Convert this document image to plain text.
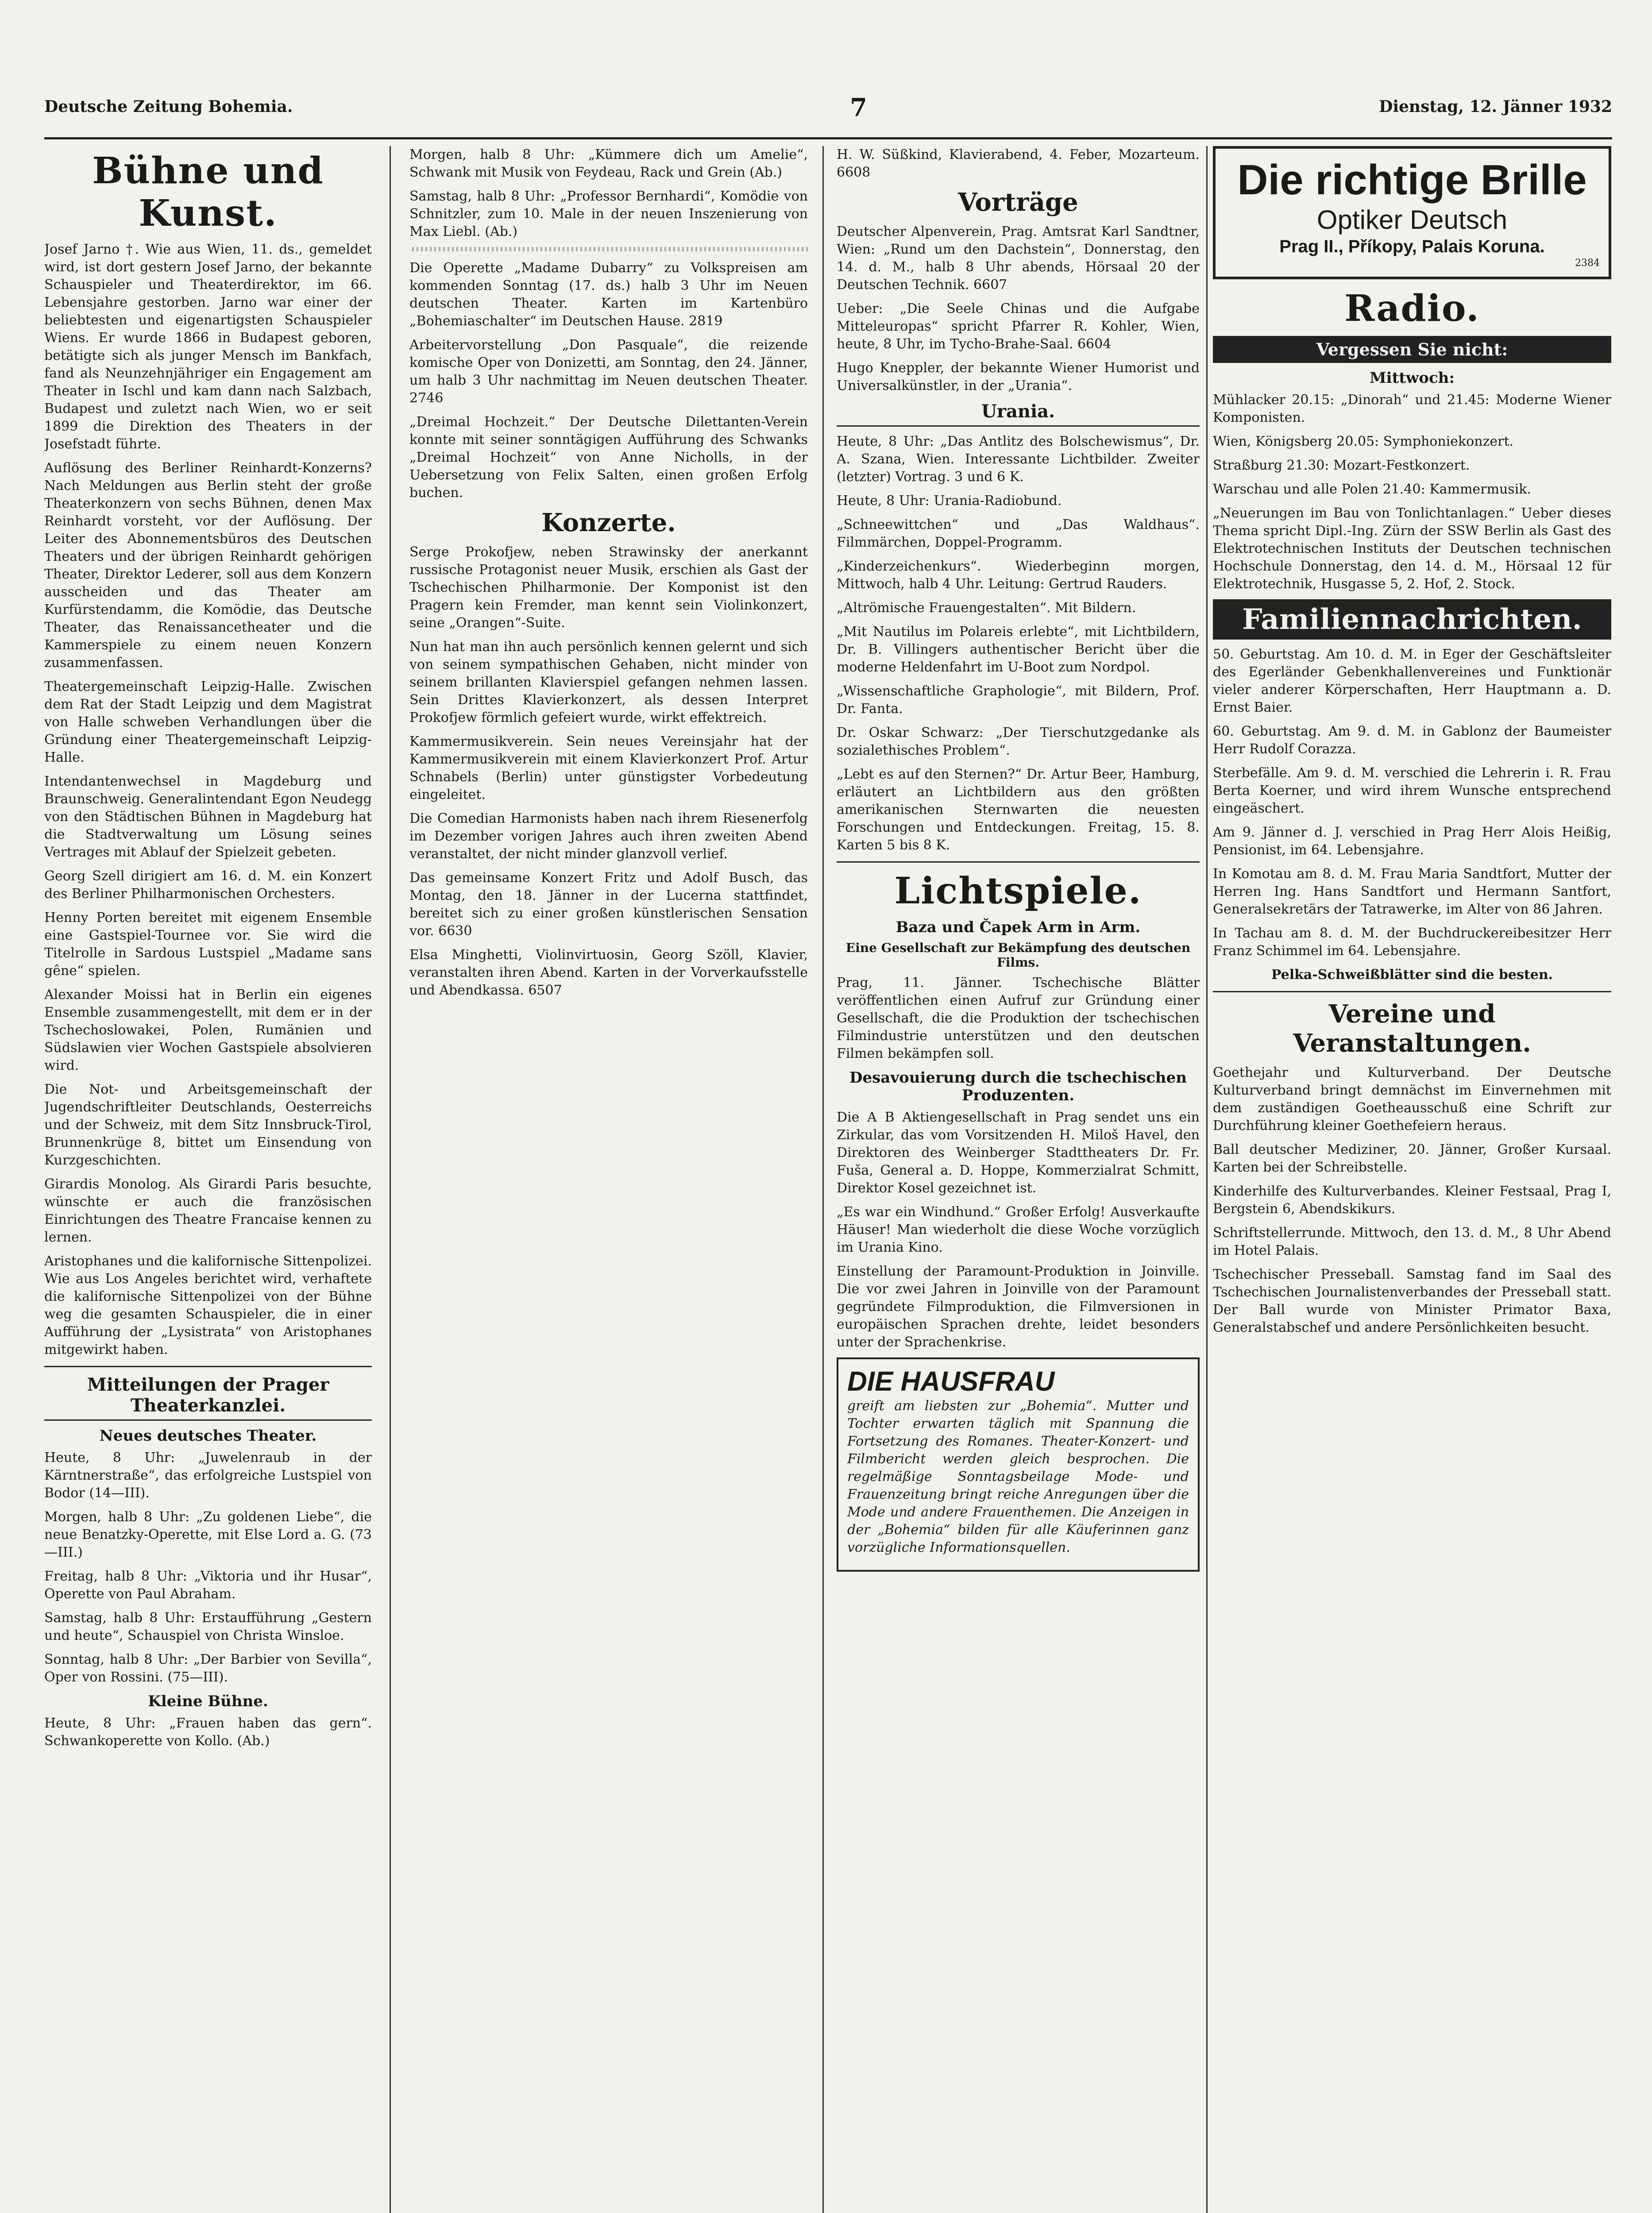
Deutsche Zeitung Bohemia.	7	Dienstag, 12. Jänner 1932
Bühne und Kunst.

Josef Jarno †. Wie aus Wien, 11. ds., gemeldet wird, ist dort gestern Josef Jarno, der bekannte Schauspieler und Theaterdirektor, im 66. Lebensjahre gestorben. Jarno war einer der beliebtesten und eigenartigsten Schauspieler Wiens. Er wurde 1866 in Budapest geboren, betätigte sich als junger Mensch im Bankfach, fand als Neunzehnjähriger ein Engagement am Theater in Ischl und kam dann nach Salzbach, Budapest und zuletzt nach Wien, wo er seit 1899 die Direktion des Theaters in der Josefstadt führte.

Auflösung des Berliner Reinhardt-Konzerns? Nach Meldungen aus Berlin steht der große Theaterkonzern von sechs Bühnen, denen Max Reinhardt vorsteht, vor der Auflösung. Der Leiter des Abonnementsbüros des Deutschen Theaters und der übrigen Reinhardt gehörigen Theater, Direktor Lederer, soll aus dem Konzern ausscheiden und das Theater am Kurfürstendamm, die Komödie, das Deutsche Theater, das Renaissancetheater und die Kammerspiele zu einem neuen Konzern zusammenfassen.

Theatergemeinschaft Leipzig-Halle. Zwischen dem Rat der Stadt Leipzig und dem Magistrat von Halle schweben Verhandlungen über die Gründung einer Theatergemeinschaft Leipzig-Halle.

Intendantenwechsel in Magdeburg und Braunschweig. Generalintendant Egon Neudegg von den Städtischen Bühnen in Magdeburg hat die Stadtverwaltung um Lösung seines Vertrages mit Ablauf der Spielzeit gebeten.

Georg Szell dirigiert am 16. d. M. ein Konzert des Berliner Philharmonischen Orchesters.

Henny Porten bereitet mit eigenem Ensemble eine Gastspiel-Tournee vor. Sie wird die Titelrolle in Sardous Lustspiel „Madame sans gêne“ spielen.

Alexander Moissi hat in Berlin ein eigenes Ensemble zusammengestellt, mit dem er in der Tschechoslowakei, Polen, Rumänien und Südslawien vier Wochen Gastspiele absolvieren wird.

Die Not- und Arbeitsgemeinschaft der Jugendschriftleiter Deutschlands, Oesterreichs und der Schweiz, mit dem Sitz Innsbruck-Tirol, Brunnenkrüge 8, bittet um Einsendung von Kurzgeschichten.

Girardis Monolog. Als Girardi Paris besuchte, wünschte er auch die französischen Einrichtungen des Theatre Francaise kennen zu lernen.

Aristophanes und die kalifornische Sittenpolizei. Wie aus Los Angeles berichtet wird, verhaftete die kalifornische Sittenpolizei von der Bühne weg die gesamten Schauspieler, die in einer Aufführung der „Lysistrata“ von Aristophanes mitgewirkt haben.

Mitteilungen der Prager Theaterkanzlei.
Neues deutsches Theater.

Heute, 8 Uhr: „Juwelenraub in der Kärntnerstraße“, das erfolgreiche Lustspiel von Bodor (14—III).

Morgen, halb 8 Uhr: „Zu goldenen Liebe“, die neue Benatzky-Operette, mit Else Lord a. G. (73—III.)

Freitag, halb 8 Uhr: „Viktoria und ihr Husar“, Operette von Paul Abraham.

Samstag, halb 8 Uhr: Erstaufführung „Gestern und heute“, Schauspiel von Christa Winsloe.

Sonntag, halb 8 Uhr: „Der Barbier von Sevilla“, Oper von Rossini. (75—III).

Kleine Bühne.

Heute, 8 Uhr: „Frauen haben das gern“. Schwankoperette von Kollo. (Ab.)

Morgen, halb 8 Uhr: „Kümmere dich um Amelie“, Schwank mit Musik von Feydeau, Rack und Grein (Ab.)

Samstag, halb 8 Uhr: „Professor Bernhardi“, Komödie von Schnitzler, zum 10. Male in der neuen Inszenierung von Max Liebl. (Ab.)

Die Operette „Madame Dubarry“ zu Volkspreisen am kommenden Sonntag (17. ds.) halb 3 Uhr im Neuen deutschen Theater. Karten im Kartenbüro „Bohemiaschalter“ im Deutschen Hause. 2819

Arbeitervorstellung „Don Pasquale“, die reizende komische Oper von Donizetti, am Sonntag, den 24. Jänner, um halb 3 Uhr nachmittag im Neuen deutschen Theater. 2746

„Dreimal Hochzeit.“ Der Deutsche Dilettanten-Verein konnte mit seiner sonntägigen Aufführung des Schwanks „Dreimal Hochzeit“ von Anne Nicholls, in der Uebersetzung von Felix Salten, einen großen Erfolg buchen.

Konzerte.

Serge Prokofjew, neben Strawinsky der anerkannt russische Protagonist neuer Musik, erschien als Gast der Tschechischen Philharmonie. Der Komponist ist den Pragern kein Fremder, man kennt sein Violinkonzert, seine „Orangen“-Suite.

Nun hat man ihn auch persönlich kennen gelernt und sich von seinem sympathischen Gehaben, nicht minder von seinem brillanten Klavierspiel gefangen nehmen lassen. Sein Drittes Klavierkonzert, als dessen Interpret Prokofjew förmlich gefeiert wurde, wirkt effektreich.

Kammermusikverein. Sein neues Vereinsjahr hat der Kammermusikverein mit einem Klavierkonzert Prof. Artur Schnabels (Berlin) unter günstigster Vorbedeutung eingeleitet.

Die Comedian Harmonists haben nach ihrem Riesenerfolg im Dezember vorigen Jahres auch ihren zweiten Abend veranstaltet, der nicht minder glanzvoll verlief.

Das gemeinsame Konzert Fritz und Adolf Busch, das Montag, den 18. Jänner in der Lucerna stattfindet, bereitet sich zu einer großen künstlerischen Sensation vor. 6630

Elsa Minghetti, Violinvirtuosin, Georg Szöll, Klavier, veranstalten ihren Abend. Karten in der Vorverkaufsstelle und Abendkassa. 6507

H. W. Süßkind, Klavierabend, 4. Feber, Mozarteum. 6608

Vorträge

Deutscher Alpenverein, Prag. Amtsrat Karl Sandtner, Wien: „Rund um den Dachstein“, Donnerstag, den 14. d. M., halb 8 Uhr abends, Hörsaal 20 der Deutschen Technik. 6607

Ueber: „Die Seele Chinas und die Aufgabe Mitteleuropas“ spricht Pfarrer R. Kohler, Wien, heute, 8 Uhr, im Tycho-Brahe-Saal. 6604

Hugo Kneppler, der bekannte Wiener Humorist und Universalkünstler, in der „Urania“.

Urania.

Heute, 8 Uhr: „Das Antlitz des Bolschewismus“, Dr. A. Szana, Wien. Interessante Lichtbilder. Zweiter (letzter) Vortrag. 3 und 6 K.

Heute, 8 Uhr: Urania-Radiobund.

„Schneewittchen“ und „Das Waldhaus“. Filmmärchen, Doppel-Programm.

„Kinderzeichenkurs“. Wiederbeginn morgen, Mittwoch, halb 4 Uhr. Leitung: Gertrud Rauders.

„Altrömische Frauengestalten“. Mit Bildern.

„Mit Nautilus im Polareis erlebte“, mit Lichtbildern, Dr. B. Villingers authentischer Bericht über die moderne Heldenfahrt im U-Boot zum Nordpol.

„Wissenschaftliche Graphologie“, mit Bildern, Prof. Dr. Fanta.

Dr. Oskar Schwarz: „Der Tierschutzgedanke als sozialethisches Problem“.

„Lebt es auf den Sternen?“ Dr. Artur Beer, Hamburg, erläutert an Lichtbildern aus den größten amerikanischen Sternwarten die neuesten Forschungen und Entdeckungen. Freitag, 15. 8. Karten 5 bis 8 K.

Lichtspiele.
Baza und Čapek Arm in Arm.
Eine Gesellschaft zur Bekämpfung des deutschen Films.

Prag, 11. Jänner. Tschechische Blätter veröffentlichen einen Aufruf zur Gründung einer Gesellschaft, die die Produktion der tschechischen Filmindustrie unterstützen und den deutschen Filmen bekämpfen soll.

Desavouierung durch die tschechischen Produzenten.

Die A B Aktiengesellschaft in Prag sendet uns ein Zirkular, das vom Vorsitzenden H. Miloš Havel, den Direktoren des Weinberger Stadttheaters Dr. Fr. Fuša, General a. D. Hoppe, Kommerzialrat Schmitt, Direktor Kosel gezeichnet ist.

„Es war ein Windhund.“ Großer Erfolg! Ausverkaufte Häuser! Man wiederholt die diese Woche vorzüglich im Urania Kino.

Einstellung der Paramount-Produktion in Joinville. Die vor zwei Jahren in Joinville von der Paramount gegründete Filmproduktion, die Filmversionen in europäischen Sprachen drehte, leidet besonders unter der Sprachenkrise.

DIE HAUSFRAU

greift am liebsten zur „Bohemia“. Mutter und Tochter erwarten täglich mit Spannung die Fortsetzung des Romanes. Theater-Konzert- und Filmbericht werden gleich besprochen. Die regelmäßige Sonntagsbeilage Mode- und Frauenzeitung bringt reiche Anregungen über die Mode und andere Frauenthemen. Die Anzeigen in der „Bohemia“ bilden für alle Käuferinnen ganz vorzügliche Informationsquellen.

Die richtige Brille
Optiker Deutsch
Prag II., Příkopy, Palais Koruna.
2384
Radio.
Vergessen Sie nicht:
Mittwoch:

Mühlacker 20.15: „Dinorah“ und 21.45: Moderne Wiener Komponisten.

Wien, Königsberg 20.05: Symphoniekonzert.

Straßburg 21.30: Mozart-Festkonzert.

Warschau und alle Polen 21.40: Kammermusik.

„Neuerungen im Bau von Tonlichtanlagen.“ Ueber dieses Thema spricht Dipl.-Ing. Zürn der SSW Berlin als Gast des Elektrotechnischen Instituts der Deutschen technischen Hochschule Donnerstag, den 14. d. M., Hörsaal 12 für Elektrotechnik, Husgasse 5, 2. Hof, 2. Stock.

Familiennachrichten.

50. Geburtstag. Am 10. d. M. in Eger der Geschäftsleiter des Egerländer Gebenkhallenvereines und Funktionär vieler anderer Körperschaften, Herr Hauptmann a. D. Ernst Baier.

60. Geburtstag. Am 9. d. M. in Gablonz der Baumeister Herr Rudolf Corazza.

Sterbefälle. Am 9. d. M. verschied die Lehrerin i. R. Frau Berta Koerner, und wird ihrem Wunsche entsprechend eingeäschert.

Am 9. Jänner d. J. verschied in Prag Herr Alois Heißig, Pensionist, im 64. Lebensjahre.

In Komotau am 8. d. M. Frau Maria Sandtfort, Mutter der Herren Ing. Hans Sandtfort und Hermann Santfort, Generalsekretärs der Tatrawerke, im Alter von 86 Jahren.

In Tachau am 8. d. M. der Buchdruckereibesitzer Herr Franz Schimmel im 64. Lebensjahre.

Pelka-Schweißblätter sind die besten.

Vereine und Veranstaltungen.

Goethejahr und Kulturverband. Der Deutsche Kulturverband bringt demnächst im Einvernehmen mit dem zuständigen Goetheausschuß eine Schrift zur Durchführung kleiner Goethefeiern heraus.

Ball deutscher Mediziner, 20. Jänner, Großer Kursaal. Karten bei der Schreibstelle.

Kinderhilfe des Kulturverbandes. Kleiner Festsaal, Prag I, Bergstein 6, Abendskikurs.

Schriftstellerrunde. Mittwoch, den 13. d. M., 8 Uhr Abend im Hotel Palais.

Tschechischer Presseball. Samstag fand im Saal des Tschechischen Journalistenverbandes der Presseball statt. Der Ball wurde von Minister Primator Baxa, Generalstabschef und andere Persönlichkeiten besucht.
